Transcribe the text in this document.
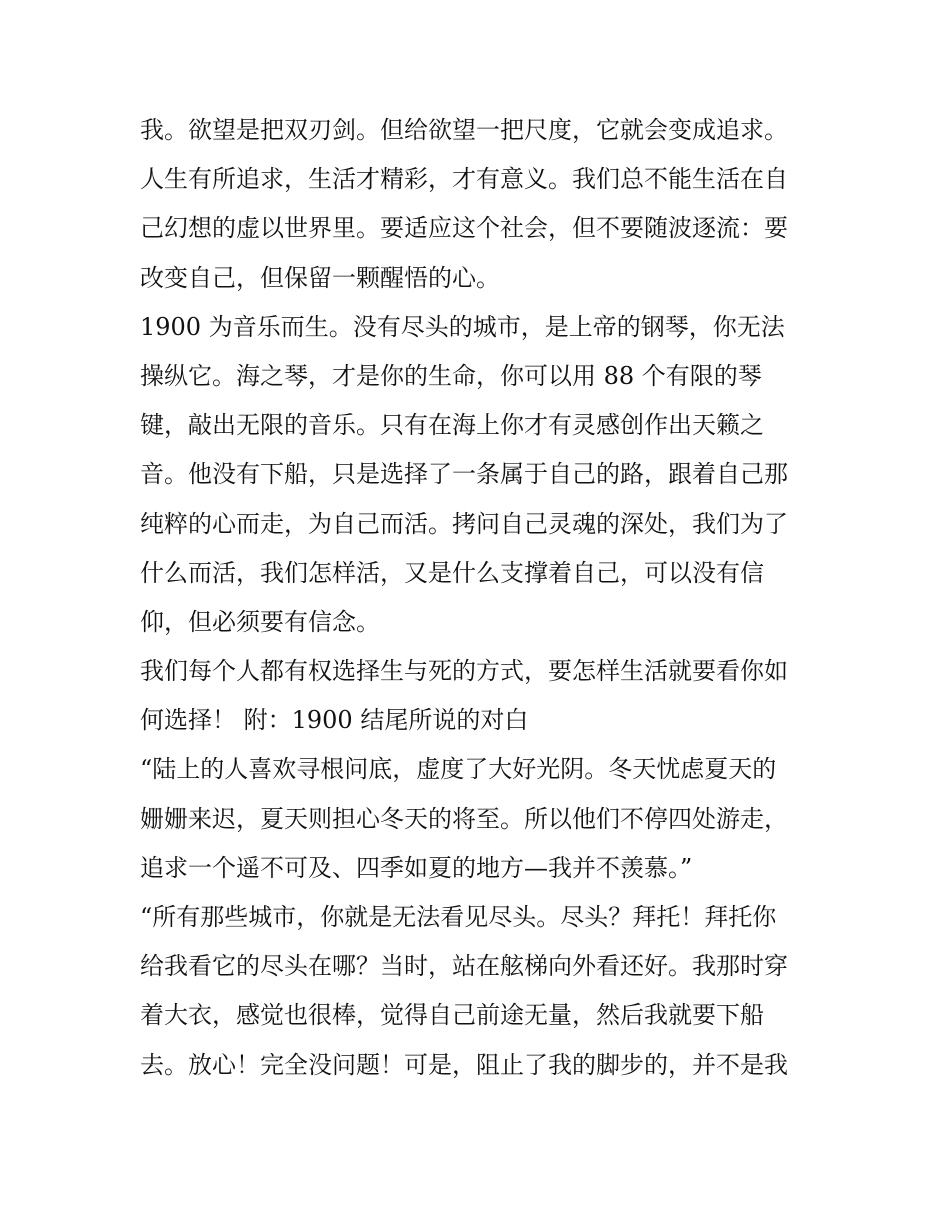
我。欲望是把双刃剑。但给欲望一把尺度，它就会变成追求。
人生有所追求，生活才精彩，才有意义。我们总不能生活在自
己幻想的虚以世界里。要适应这个社会，但不要随波逐流：要
改变自己，但保留一颗醒悟的心。
1900 为音乐而生。没有尽头的城市，是上帝的钢琴，你无法
操纵它。海之琴，才是你的生命，你可以用 88 个有限的琴
键，敲出无限的音乐。只有在海上你才有灵感创作出天籁之
音。他没有下船，只是选择了一条属于自己的路，跟着自己那
纯粹的心而走，为自己而活。拷问自己灵魂的深处，我们为了
什么而活，我们怎样活，又是什么支撑着自己，可以没有信
仰，但必须要有信念。
我们每个人都有权选择生与死的方式，要怎样生活就要看你如
何选择！ 附：1900 结尾所说的对白
“陆上的人喜欢寻根问底，虚度了大好光阴。冬天忧虑夏天的
姗姗来迟，夏天则担心冬天的将至。所以他们不停四处游走，
追求一个遥不可及、四季如夏的地方—我并不羡慕。”
“所有那些城市，你就是无法看见尽头。尽头？拜托！拜托你
给我看它的尽头在哪？当时，站在舷梯向外看还好。我那时穿
着大衣，感觉也很棒，觉得自己前途无量，然后我就要下船
去。放心！完全没问题！可是，阻止了我的脚步的，并不是我
